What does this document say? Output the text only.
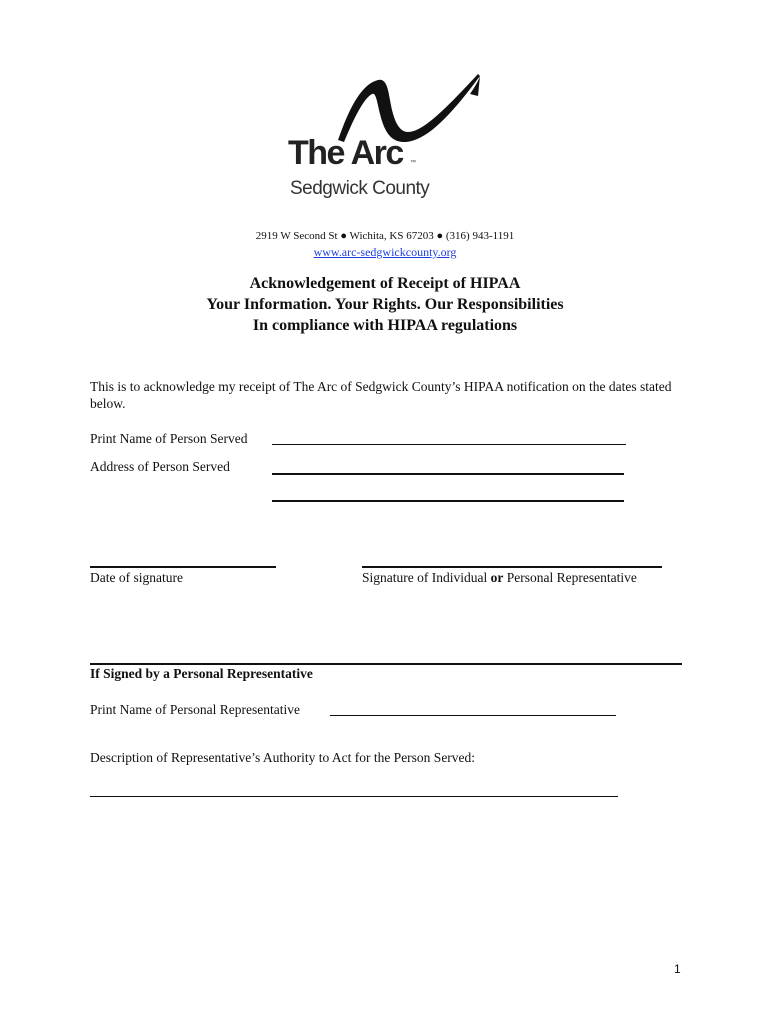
The Arc ™
Sedgwick County
2919 W Second St ● Wichita, KS 67203 ● (316) 943-1191
www.arc-sedgwickcounty.org
Acknowledgement of Receipt of HIPAA
Your Information. Your Rights. Our Responsibilities
In compliance with HIPAA regulations
This is to acknowledge my receipt of The Arc of Sedgwick County’s HIPAA notification on the dates stated below.
Print Name of Person Served
Address of Person Served
Date of signature	Signature of Individual or Personal Representative
If Signed by a Personal Representative
Print Name of Personal Representative
Description of Representative’s Authority to Act for the Person Served:
1
